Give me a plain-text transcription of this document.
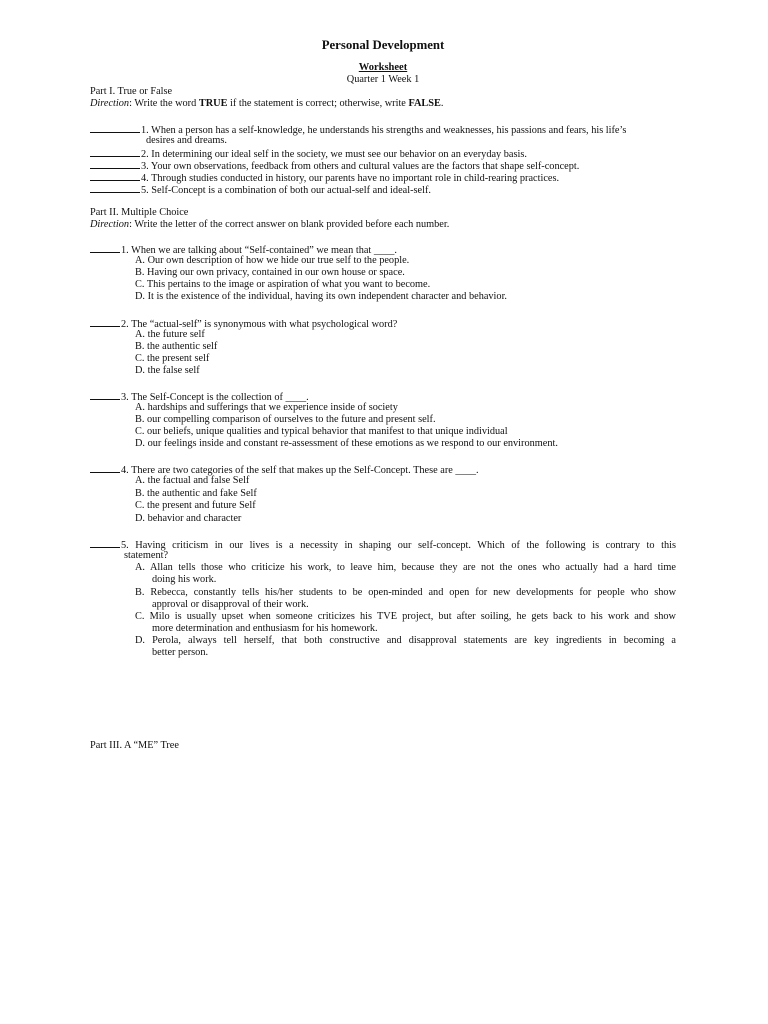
Personal Development
Worksheet
Quarter 1 Week 1
Part I. True or False
Direction: Write the word TRUE if the statement is correct; otherwise, write FALSE.
1. When a person has a self-knowledge, he understands his strengths and weaknesses, his passions and fears, his life’s
desires and dreams.
2. In determining our ideal self in the society, we must see our behavior on an everyday basis.
3. Your own observations, feedback from others and cultural values are the factors that shape self-concept.
4. Through studies conducted in history, our parents have no important role in child-rearing practices.
5. Self-Concept is a combination of both our actual-self and ideal-self.
Part II. Multiple Choice
Direction: Write the letter of the correct answer on blank provided before each number.
1. When we are talking about “Self-contained” we mean that ____.
A. Our own description of how we hide our true self to the people.
B. Having our own privacy, contained in our own house or space.
C. This pertains to the image or aspiration of what you want to become.
D. It is the existence of the individual, having its own independent character and behavior.
2. The “actual-self” is synonymous with what psychological word?
A. the future self
B. the authentic self
C. the present self
D. the false self
3. The Self-Concept is the collection of ____.
A. hardships and sufferings that we experience inside of society
B. our compelling comparison of ourselves to the future and present self.
C. our beliefs, unique qualities and typical behavior that manifest to that unique individual
D. our feelings inside and constant re-assessment of these emotions as we respond to our environment.
4. There are two categories of the self that makes up the Self-Concept. These are ____.
A. the factual and false Self
B. the authentic and fake Self
C. the present and future Self
D. behavior and character
5. Having criticism in our lives is a necessity in shaping our self-concept. Which of the following is contrary to this
statement?
A. Allan tells those who criticize his work, to leave him, because they are not the ones who actually had a hard time
doing his work.
B. Rebecca, constantly tells his/her students to be open-minded and open for new developments for people who show
approval or disapproval of their work.
C. Milo is usually upset when someone criticizes his TVE project, but after soiling, he gets back to his work and show
more determination and enthusiasm for his homework.
D. Perola, always tell herself, that both constructive and disapproval statements are key ingredients in becoming a
better person.
Part III. A “ME” Tree
